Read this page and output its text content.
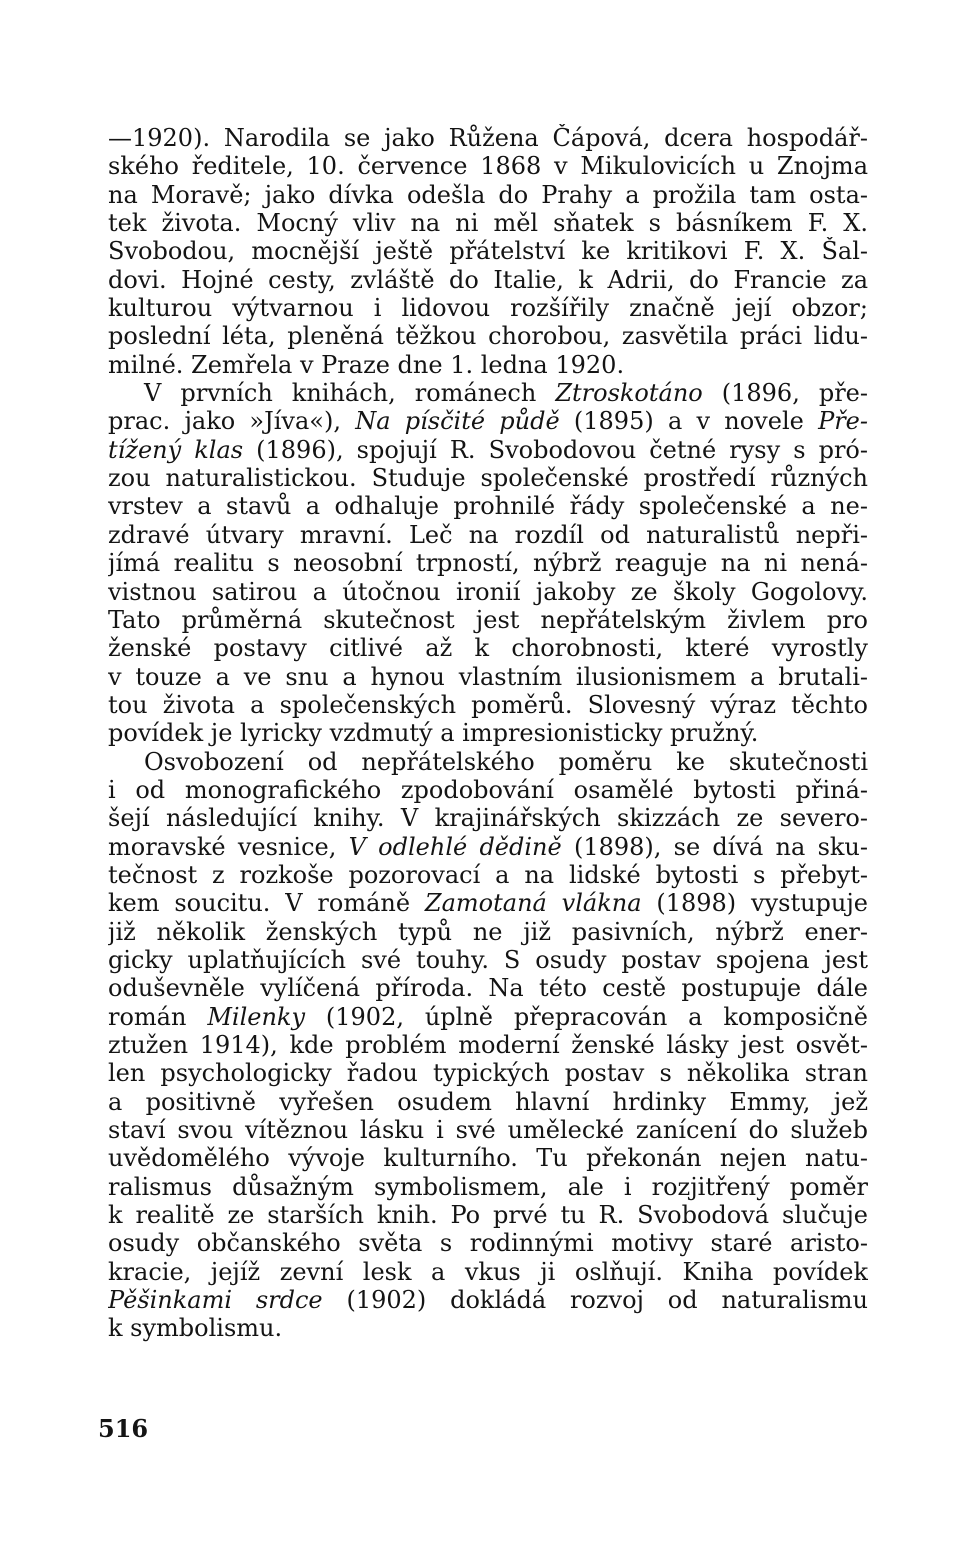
—1920). Narodila se jako Růžena Čápová, dcera hospodář-
ského ředitele, 10. července 1868 v Mikulovicích u Znojma
na Moravě; jako dívka odešla do Prahy a prožila tam osta-
tek života. Mocný vliv na ni měl sňatek s básníkem F. X.
Svobodou, mocnější ještě přátelství ke kritikovi F. X. Šal-
dovi. Hojné cesty, zvláště do Italie, k Adrii, do Francie za
kulturou výtvarnou i lidovou rozšířily značně její obzor;
poslední léta, pleněná těžkou chorobou, zasvětila práci lidu-
milné. Zemřela v Praze dne 1. ledna 1920.
V prvních knihách, románech Ztroskotáno (1896, pře-
prac. jako »Jíva«), Na písčité půdě (1895) a v novele Pře-
tížený klas (1896), spojují R. Svobodovou četné rysy s pró-
zou naturalistickou. Studuje společenské prostředí různých
vrstev a stavů a odhaluje prohnilé řády společenské a ne-
zdravé útvary mravní. Leč na rozdíl od naturalistů nepři-
jímá realitu s neosobní trpností, nýbrž reaguje na ni nená-
vistnou satirou a útočnou ironií jakoby ze školy Gogolovy.
Tato průměrná skutečnost jest nepřátelským živlem pro
ženské postavy citlivé až k chorobnosti, které vyrostly
v touze a ve snu a hynou vlastním ilusionismem a brutali-
tou života a společenských poměrů. Slovesný výraz těchto
povídek je lyricky vzdmutý a impresionisticky pružný.
Osvobození od nepřátelského poměru ke skutečnosti
i od monografického zpodobování osamělé bytosti přiná-
šejí následující knihy. V krajinářských skizzách ze severo-
moravské vesnice, V odlehlé dědině (1898), se dívá na sku-
tečnost z rozkoše pozorovací a na lidské bytosti s přebyt-
kem soucitu. V románě Zamotaná vlákna (1898) vystupuje
již několik ženských typů ne již pasivních, nýbrž ener-
gicky uplatňujících své touhy. S osudy postav spojena jest
oduševněle vylíčená příroda. Na této cestě postupuje dále
román Milenky (1902, úplně přepracován a komposičně
ztužen 1914), kde problém moderní ženské lásky jest osvět-
len psychologicky řadou typických postav s několika stran
a positivně vyřešen osudem hlavní hrdinky Emmy, jež
staví svou vítěznou lásku i své umělecké zanícení do služeb
uvědomělého vývoje kulturního. Tu překonán nejen natu-
ralismus důsažným symbolismem, ale i rozjitřený poměr
k realitě ze starších knih. Po prvé tu R. Svobodová slučuje
osudy občanského světa s rodinnými motivy staré aristo-
kracie, jejíž zevní lesk a vkus ji oslňují. Kniha povídek
Pěšinkami srdce (1902) dokládá rozvoj od naturalismu
k symbolismu.
516
